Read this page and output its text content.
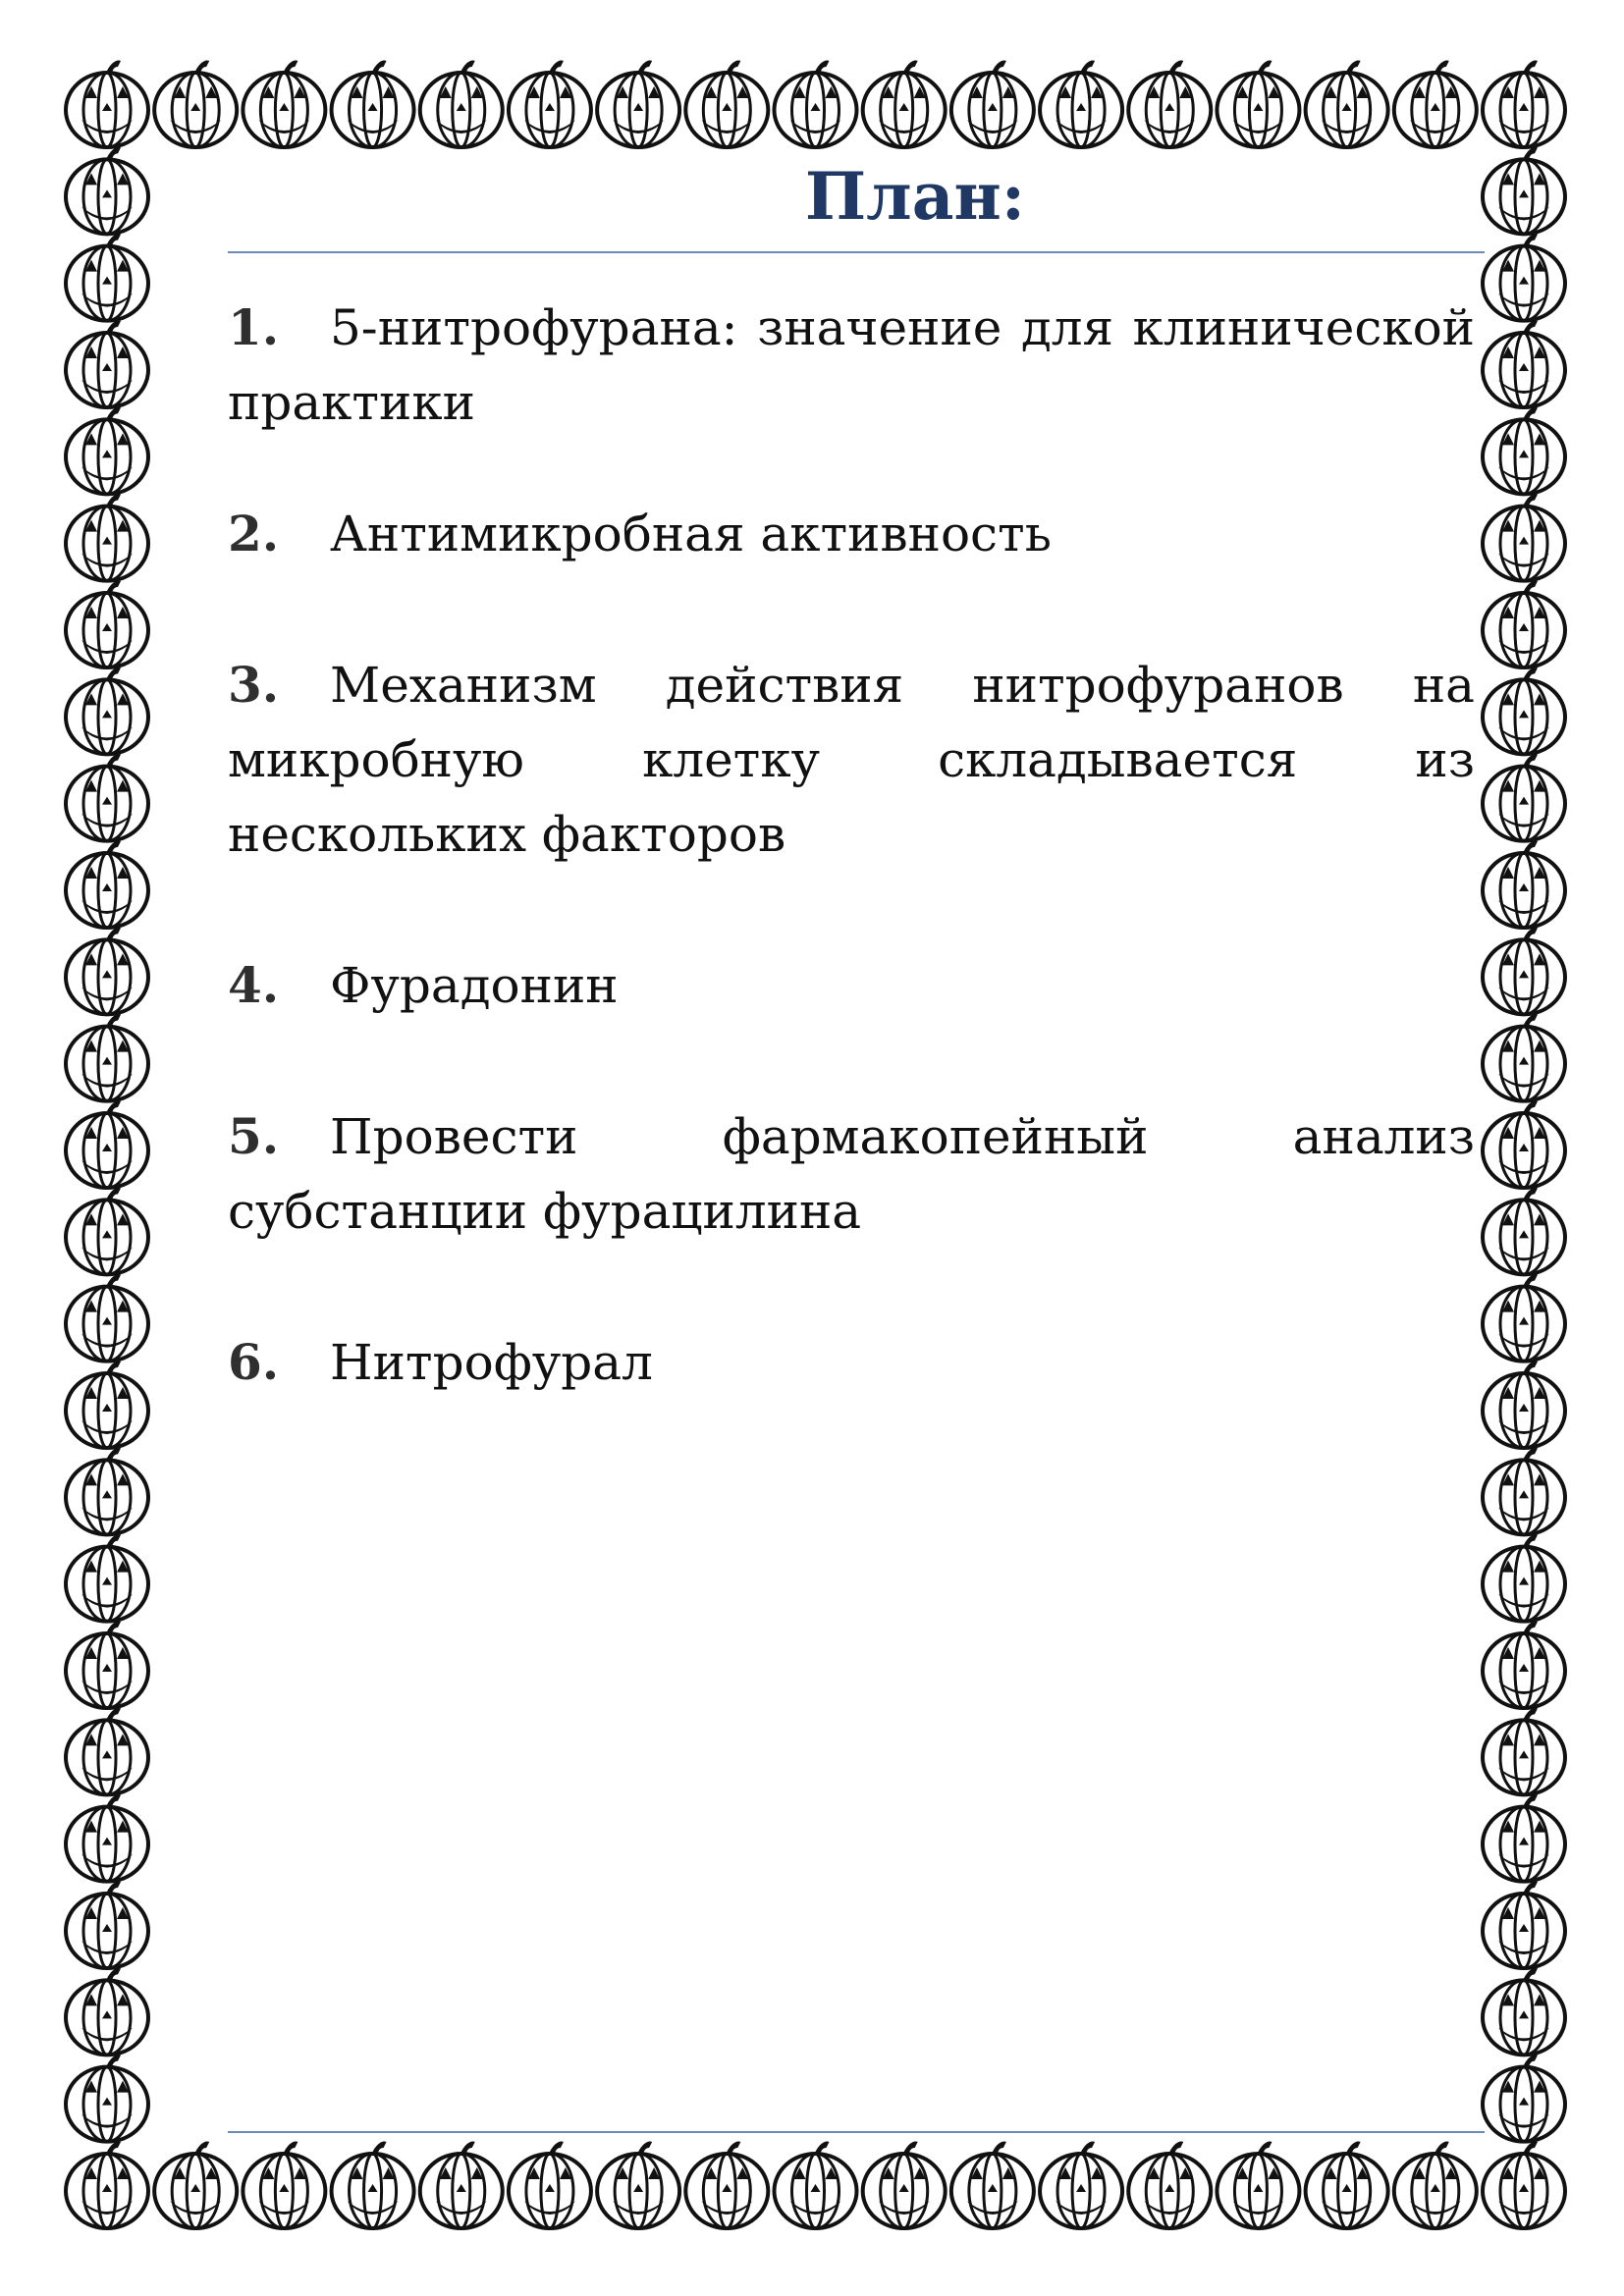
План:
1. 5-нитрофурана: значение для клинической практики
2. Антимикробная активность
3. Механизм действия нитрофуранов на микробную клетку складывается из нескольких факторов
4. Фурадонин
5. Провести фармакопейный анализ субстанции фурацилина
6. Нитрофурал
